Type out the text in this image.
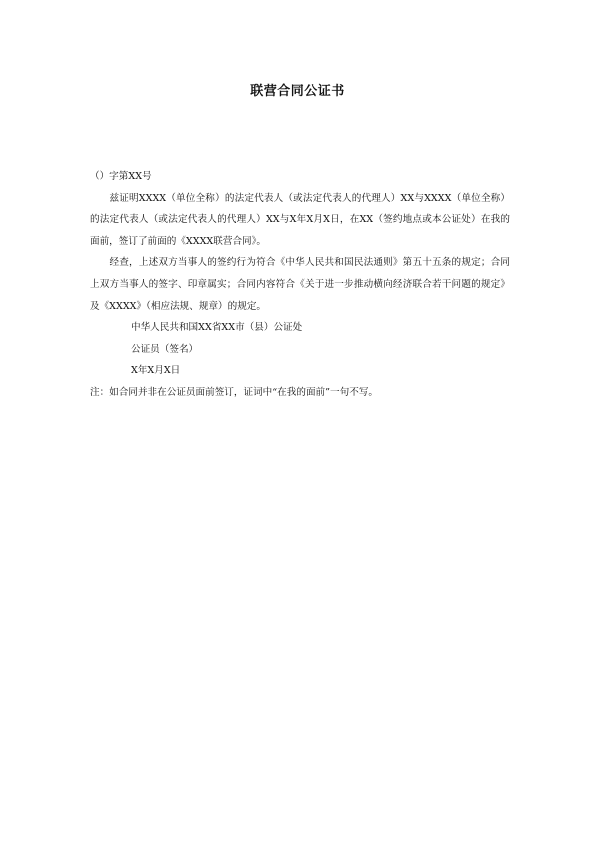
联营合同公证书

（）字第XX号

兹证明XXXX（单位全称）的法定代表人（或法定代表人的代理人）XX与XXXX（单位全称）的法定代表人（或法定代表人的代理人）XX与X年X月X日，在XX（签约地点或本公证处）在我的面前，签订了前面的《XXXX联营合同》。

经查，上述双方当事人的签约行为符合《中华人民共和国民法通则》第五十五条的规定；合同上双方当事人的签字、印章属实；合同内容符合《关于进一步推动横向经济联合若干问题的规定》及《XXXX》（相应法规、规章）的规定。

中华人民共和国XX省XX市（县）公证处

公证员（签名）

X年X月X日

注：如合同并非在公证员面前签订，证词中“在我的面前”一句不写。
